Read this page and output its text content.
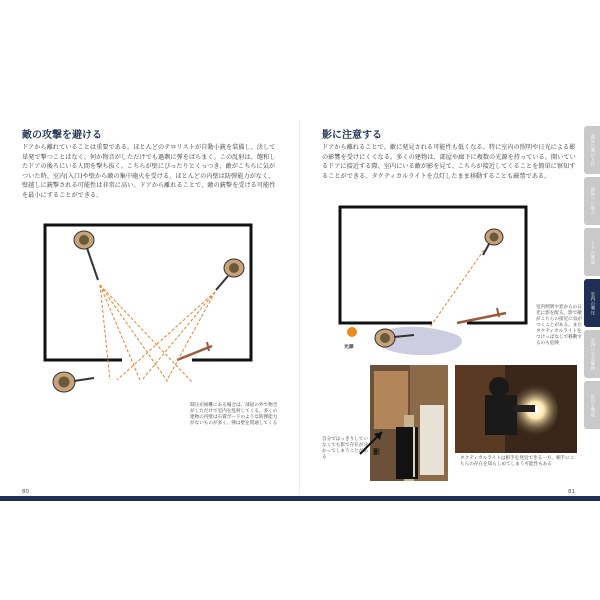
敵の攻撃を避ける

ドアから離れていることは重要である。ほとんどのテロリストが自動小銃を装備し、決して単発で撃つことはなく、何か物音がしただけでも過剰に弾をばらまく。この乱射は、飽和したドアの後ろにいる人間を撃ち抜く。こちらが壁にぴったりとくっつき、敵がこちらに気がついた時、室内(入口)や壁から敵の集中砲火を受ける。ほとんどの内壁は防弾能力がなく、壁越しに銃撃される可能性は非常に高い。ドアから離れることで、敵の銃撃を受ける可能性を最小にすることができる。

制圧が困難にある場合は、部屋の外で物音がしただけで室内を乱射してくる。多くの建物の内壁は石膏ボードのような防弾能力がないものが多く、弾は壁を貫通してくる
80
影に注意する

ドアから離れることで、敵に発見される可能性も低くなる。特に室内の照明や日光による影の影響を受けにくくなる。多くの建物は、部屋や廊下に複数の光源を持っている。開いているドアに接近する際、室内にいる敵が影を見て、こちらが接近してくることを簡単に察知することができる。タクティカルライトを点灯したまま移動することも厳禁である。

光源
室内照明や窓からの日光に影を配る。影で敵がこちらの接近に気がつくことがある。またタクティカルライトをつけっぱなしで移動するのも危険
影
自分ではっきりしていなくても影で存在が分かってしまうことがある	タクティカルライトは相手を発見できる一方、相手にこちらの存在を知らしめてしまう可能性もある
81
部屋の制圧とは
部屋への進入
ドアの確認
室内の制圧
室内の安全確保
退出と撤収
